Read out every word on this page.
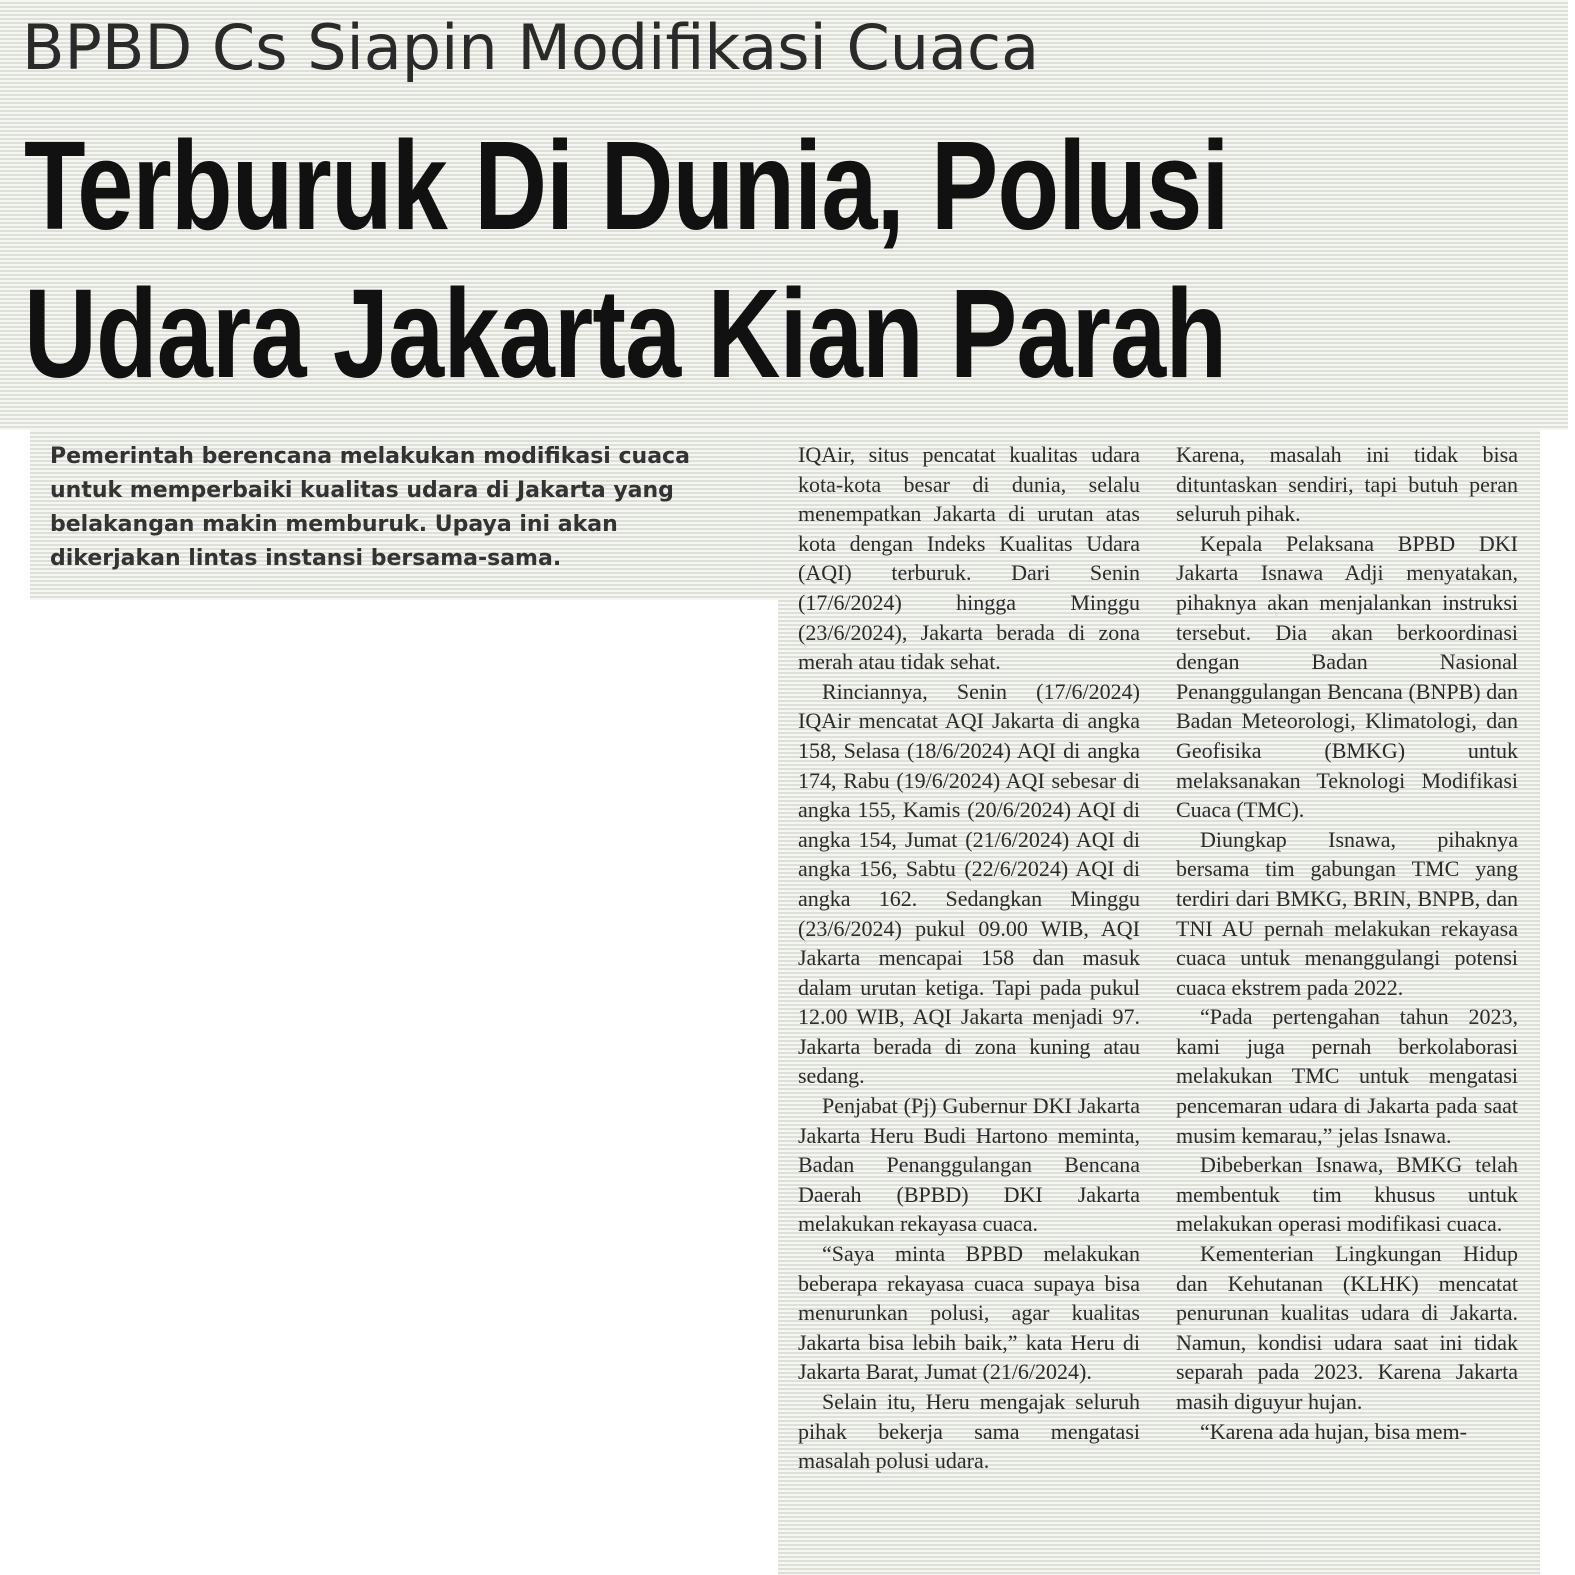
BPBD Cs Siapin Modifikasi Cuaca
Terburuk Di Dunia, Polusi
Udara Jakarta Kian Parah

Pemerintah berencana melakukan modifikasi cuaca untuk memperbaiki kualitas udara di Jakarta yang belakangan makin memburuk. Upaya ini akan dikerjakan lintas instansi bersama-sama.

IQAir, situs pencatat kualitas udara kota-kota besar di dunia, selalu menempatkan Jakarta di urutan atas kota dengan Indeks Kualitas Udara (AQI) terburuk. Dari Senin (17/6/2024) hingga Minggu (23/6/2024), Jakarta berada di zona merah atau tidak sehat.

Rinciannya, Senin (17/6/2024) IQAir mencatat AQI Jakarta di angka 158, Selasa (18/6/2024) AQI di angka 174, Rabu (19/6/2024) AQI sebesar di angka 155, Kamis (20/6/2024) AQI di angka 154, Jumat (21/6/2024) AQI di angka 156, Sabtu (22/6/2024) AQI di angka 162. Sedangkan Minggu (23/6/2024) pukul 09.00 WIB, AQI Jakarta mencapai 158 dan masuk dalam urutan ketiga. Tapi pada pukul 12.00 WIB, AQI Jakarta menjadi 97. Jakarta berada di zona kuning atau sedang.

Penjabat (Pj) Gubernur DKI Jakarta Jakarta Heru Budi Hartono meminta, Badan Penanggulangan Bencana Daerah (BPBD) DKI Jakarta melakukan rekayasa cuaca.

“Saya minta BPBD melakukan beberapa rekayasa cuaca supaya bisa menurunkan polusi, agar kualitas Jakarta bisa lebih baik,” kata Heru di Jakarta Barat, Jumat (21/6/2024).

Selain itu, Heru mengajak seluruh pihak bekerja sama mengatasi masalah polusi udara.

Karena, masalah ini tidak bisa dituntaskan sendiri, tapi butuh peran seluruh pihak.

Kepala Pelaksana BPBD DKI Jakarta Isnawa Adji menyatakan, pihaknya akan menjalankan instruksi tersebut. Dia akan berkoordinasi dengan Badan Nasional Penanggulangan Bencana (BNPB) dan Badan Meteorologi, Klimatologi, dan Geofisika (BMKG) untuk melaksanakan Teknologi Modifikasi Cuaca (TMC).

Diungkap Isnawa, pihaknya bersama tim gabungan TMC yang terdiri dari BMKG, BRIN, BNPB, dan TNI AU pernah melakukan rekayasa cuaca untuk menanggulangi potensi cuaca ekstrem pada 2022.

“Pada pertengahan tahun 2023, kami juga pernah berkolaborasi melakukan TMC untuk mengatasi pencemaran udara di Jakarta pada saat musim kemarau,” jelas Isnawa.

Dibeberkan Isnawa, BMKG telah membentuk tim khusus untuk melakukan operasi modifikasi cuaca.

Kementerian Lingkungan Hidup dan Kehutanan (KLHK) mencatat penurunan kualitas udara di Jakarta. Namun, kondisi udara saat ini tidak separah pada 2023. Karena Jakarta masih diguyur hujan.

“Karena ada hujan, bisa mem-
